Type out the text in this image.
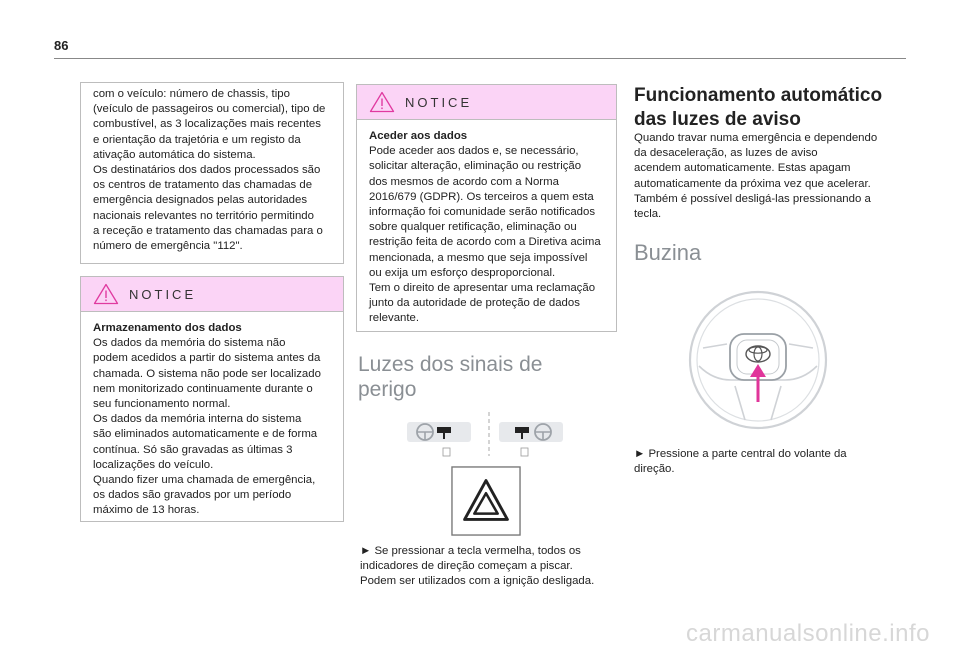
86

com o veículo: número de chassis, tipo

(veículo de passageiros ou comercial), tipo de

combustível, as 3 localizações mais recentes

e orientação da trajetória e um registo da

ativação automática do sistema.

Os destinatários dos dados processados são

os centros de tratamento das chamadas de

emergência designados pelas autoridades

nacionais relevantes no território permitindo

a receção e tratamento das chamadas para o

número de emergência "112".

NOTICE

Armazenamento dos dados

Os dados da memória do sistema não

podem acedidos a partir do sistema antes da

chamada. O sistema não pode ser localizado

nem monitorizado continuamente durante o

seu funcionamento normal.

Os dados da memória interna do sistema

são eliminados automaticamente e de forma

contínua. Só são gravadas as últimas 3

localizações do veículo.

Quando fizer uma chamada de emergência,

os dados são gravados por um período

máximo de 13 horas.

NOTICE

Aceder aos dados

Pode aceder aos dados e, se necessário,

solicitar alteração, eliminação ou restrição

dos mesmos de acordo com a Norma

2016/679 (GDPR). Os terceiros a quem esta

informação foi comunidade serão notificados

sobre qualquer retificação, eliminação ou

restrição feita de acordo com a Diretiva acima

mencionada, a mesmo que seja impossível

ou exija um esforço desproporcional.

Tem o direito de apresentar uma reclamação

junto da autoridade de proteção de dados

relevante.

Luzes dos sinais de
perigo
► Se pressionar a tecla vermelha, todos os
indicadores de direção começam a piscar.
Podem ser utilizados com a ignição desligada.
Funcionamento automático
das luzes de aviso
Quando travar numa emergência e dependendo
da desaceleração, as luzes de aviso
acendem automaticamente. Estas apagam
automaticamente da próxima vez que acelerar.
Também é possível desligá-las pressionando a
tecla.
Buzina
► Pressione a parte central do volante da
direção.
carmanualsonline.info
